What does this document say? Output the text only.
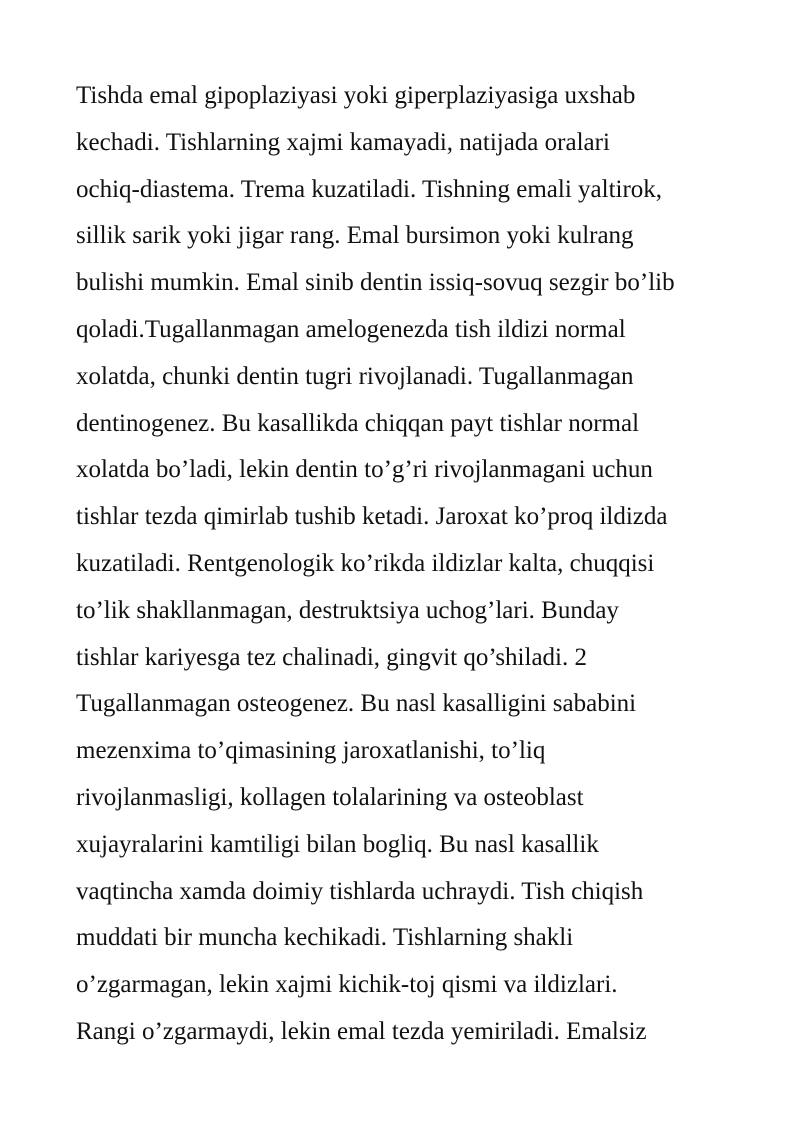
Tishda emal gipoplaziyasi yoki giperplaziyasiga uxshab
kechadi. Tishlarning xajmi kamayadi, natijada oralari
ochiq-diastema. Trema kuzatiladi. Tishning emali yaltirok,
sillik sarik yoki jigar rang. Emal bursimon yoki kulrang
bulishi mumkin. Emal sinib dentin issiq-sovuq sezgir bo’lib
qoladi.Tugallanmagan amelogenezda tish ildizi normal
xolatda, chunki dentin tugri rivojlanadi. Tugallanmagan
dentinogenez. Bu kasallikda chiqqan payt tishlar normal
xolatda bo’ladi, lekin dentin to’g’ri rivojlanmagani uchun
tishlar tezda qimirlab tushib ketadi. Jaroxat ko’proq ildizda
kuzatiladi. Rentgenologik ko’rikda ildizlar kalta, chuqqisi
to’lik shakllanmagan, destruktsiya uchog’lari. Bunday
tishlar kariyesga tez chalinadi, gingvit qo’shiladi. 2
Tugallanmagan osteogenez. Bu nasl kasalligini sababini
mezenxima to’qimasining jaroxatlanishi, to’liq
rivojlanmasligi, kollagen tolalarining va osteoblast
xujayralarini kamtiligi bilan bogliq. Bu nasl kasallik
vaqtincha xamda doimiy tishlarda uchraydi. Tish chiqish
muddati bir muncha kechikadi. Tishlarning shakli
o’zgarmagan, lekin xajmi kichik-toj qismi va ildizlari.
Rangi o’zgarmaydi, lekin emal tezda yemiriladi. Emalsiz
